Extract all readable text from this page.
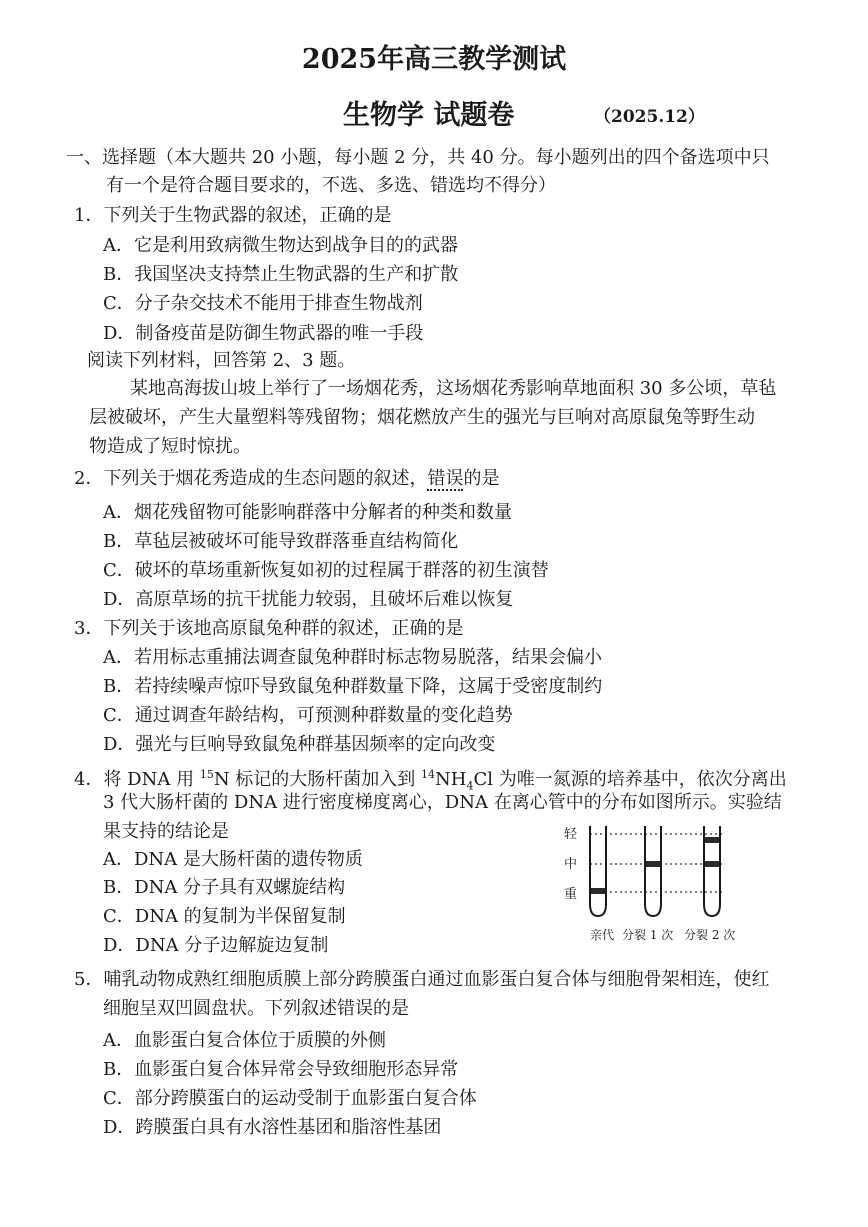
2025年高三教学测试
生物学 试题卷	（2025.12）
一、选择题（本大题共 20 小题，每小题 2 分，共 40 分。每小题列出的四个备选项中只
有一个是符合题目要求的，不选、多选、错选均不得分）
1．下列关于生物武器的叙述，正确的是
A．它是利用致病微生物达到战争目的的武器
B．我国坚决支持禁止生物武器的生产和扩散
C．分子杂交技术不能用于排查生物战剂
D．制备疫苗是防御生物武器的唯一手段
阅读下列材料，回答第 2、3 题。
某地高海拔山坡上举行了一场烟花秀，这场烟花秀影响草地面积 30 多公顷，草毡
层被破坏，产生大量塑料等残留物；烟花燃放产生的强光与巨响对高原鼠兔等野生动
物造成了短时惊扰。
2．下列关于烟花秀造成的生态问题的叙述，错误的是
A．烟花残留物可能影响群落中分解者的种类和数量
B．草毡层被破坏可能导致群落垂直结构简化
C．破坏的草场重新恢复如初的过程属于群落的初生演替
D．高原草场的抗干扰能力较弱，且破坏后难以恢复
3．下列关于该地高原鼠兔种群的叙述，正确的是
A．若用标志重捕法调查鼠兔种群时标志物易脱落，结果会偏小
B．若持续噪声惊吓导致鼠兔种群数量下降，这属于受密度制约
C．通过调查年龄结构，可预测种群数量的变化趋势
D．强光与巨响导致鼠兔种群基因频率的定向改变
4．将 DNA 用 $^{15}$N 标记的大肠杆菌加入到 $^{14}NH_4Cl$ 为唯一氮源的培养基中，依次分离出
3 代大肠杆菌的 DNA 进行密度梯度离心，DNA 在离心管中的分布如图所示。实验结
果支持的结论是
A．DNA 是大肠杆菌的遗传物质
B．DNA 分子具有双螺旋结构
C．DNA 的复制为半保留复制
D．DNA 分子边解旋边复制
轻
中
重
亲代 分裂 1 次 分裂 2 次
5．哺乳动物成熟红细胞质膜上部分跨膜蛋白通过血影蛋白复合体与细胞骨架相连，使红
细胞呈双凹圆盘状。下列叙述错误的是
A．血影蛋白复合体位于质膜的外侧
B．血影蛋白复合体异常会导致细胞形态异常
C．部分跨膜蛋白的运动受制于血影蛋白复合体
D．跨膜蛋白具有水溶性基团和脂溶性基团
